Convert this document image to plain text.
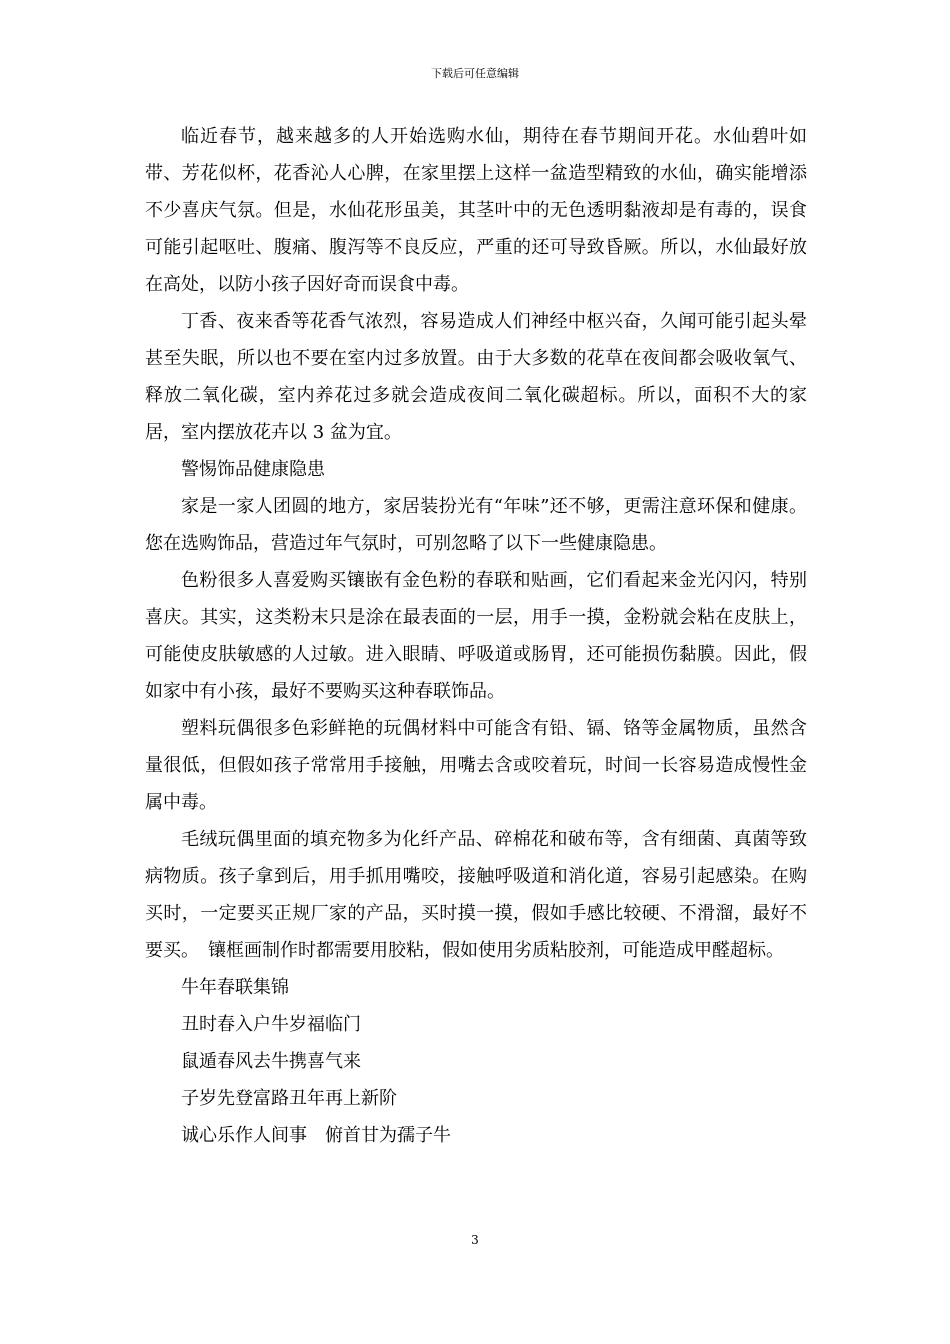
下载后可任意编辑

临近春节，越来越多的人开始选购水仙，期待在春节期间开花。水仙碧叶如带、芳花似杯，花香沁人心脾，在家里摆上这样一盆造型精致的水仙，确实能增添不少喜庆气氛。但是，水仙花形虽美，其茎叶中的无色透明黏液却是有毒的，误食可能引起呕吐、腹痛、腹泻等不良反应，严重的还可导致昏厥。所以，水仙最好放在高处，以防小孩子因好奇而误食中毒。

丁香、夜来香等花香气浓烈，容易造成人们神经中枢兴奋，久闻可能引起头晕甚至失眠，所以也不要在室内过多放置。由于大多数的花草在夜间都会吸收氧气、释放二氧化碳，室内养花过多就会造成夜间二氧化碳超标。所以，面积不大的家居，室内摆放花卉以 3 盆为宜。

警惕饰品健康隐患

家是一家人团圆的地方，家居装扮光有“年味”还不够，更需注意环保和健康。您在选购饰品，营造过年气氛时，可别忽略了以下一些健康隐患。

色粉很多人喜爱购买镶嵌有金色粉的春联和贴画，它们看起来金光闪闪，特别喜庆。其实，这类粉末只是涂在最表面的一层，用手一摸，金粉就会粘在皮肤上，可能使皮肤敏感的人过敏。进入眼睛、呼吸道或肠胃，还可能损伤黏膜。因此，假如家中有小孩，最好不要购买这种春联饰品。

塑料玩偶很多色彩鲜艳的玩偶材料中可能含有铅、镉、铬等金属物质，虽然含量很低，但假如孩子常常用手接触，用嘴去含或咬着玩，时间一长容易造成慢性金属中毒。

毛绒玩偶里面的填充物多为化纤产品、碎棉花和破布等，含有细菌、真菌等致病物质。孩子拿到后，用手抓用嘴咬，接触呼吸道和消化道，容易引起感染。在购买时，一定要买正规厂家的产品，买时摸一摸，假如手感比较硬、不滑溜，最好不要买。　镶框画制作时都需要用胶粘，假如使用劣质粘胶剂，可能造成甲醛超标。

牛年春联集锦

丑时春入户牛岁福临门

鼠遁春风去牛携喜气来

子岁先登富路丑年再上新阶

诚心乐作人间事　俯首甘为孺子牛

3
